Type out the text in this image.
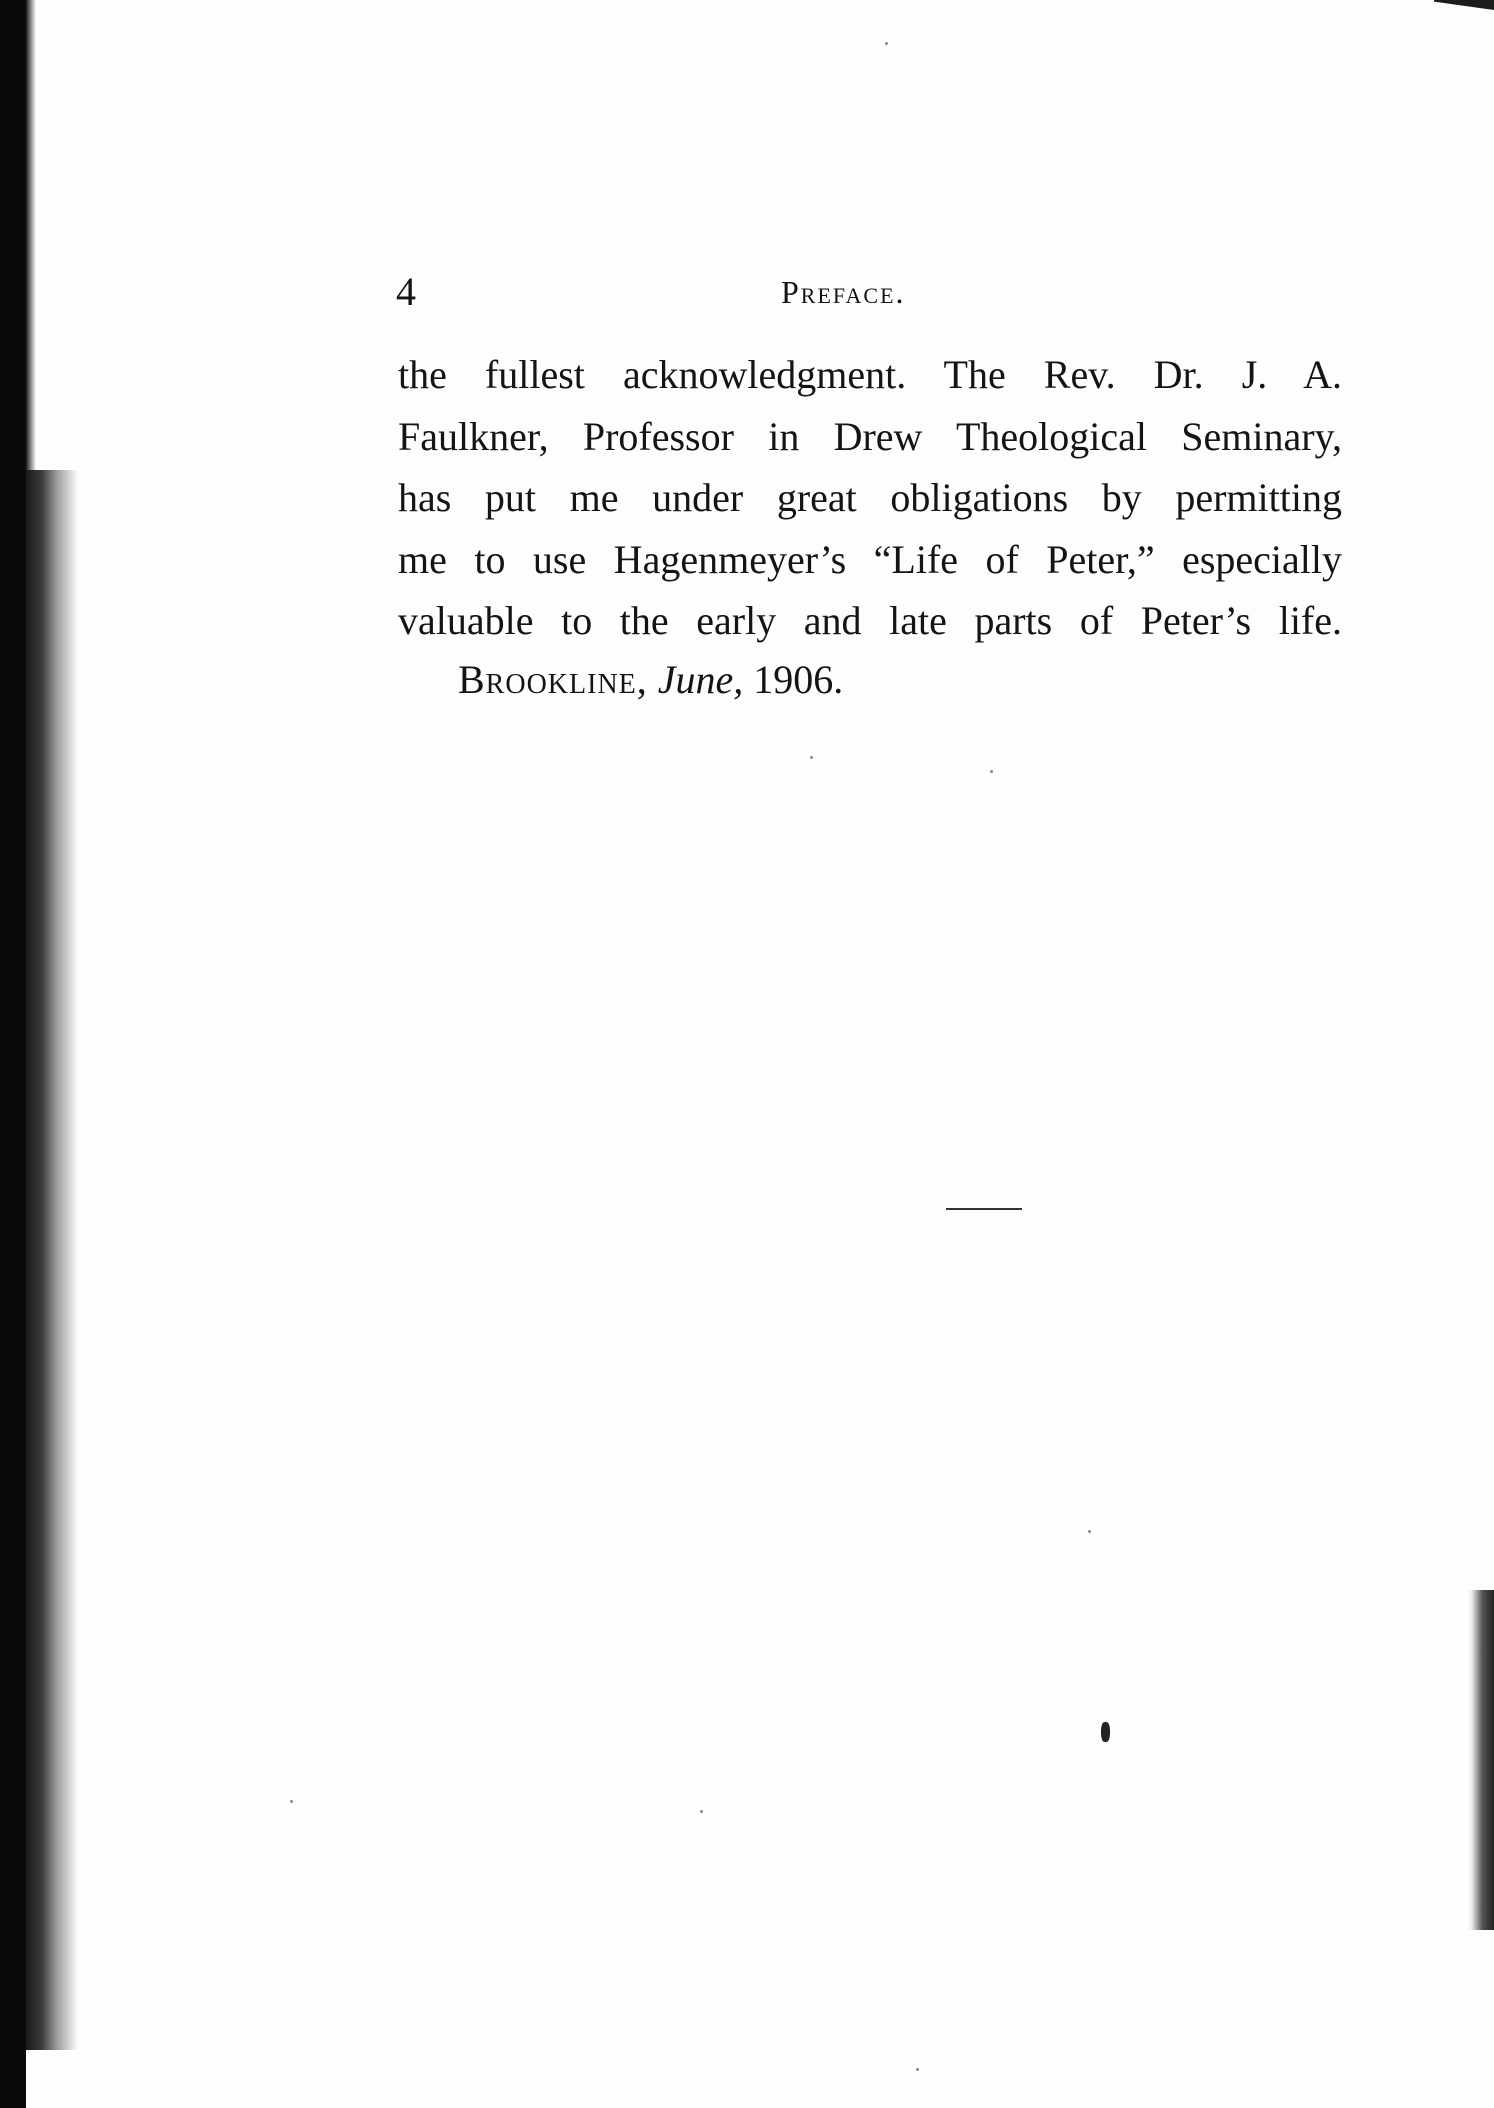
4	Preface.
the fullest acknowledgment. The Rev. Dr. J. A.
Faulkner, Professor in Drew Theological Seminary,
has put me under great obligations by permitting
me to use Hagenmeyer’s “Life of Peter,” especially
valuable to the early and late parts of Peter’s life.
Brookline, June, 1906.
